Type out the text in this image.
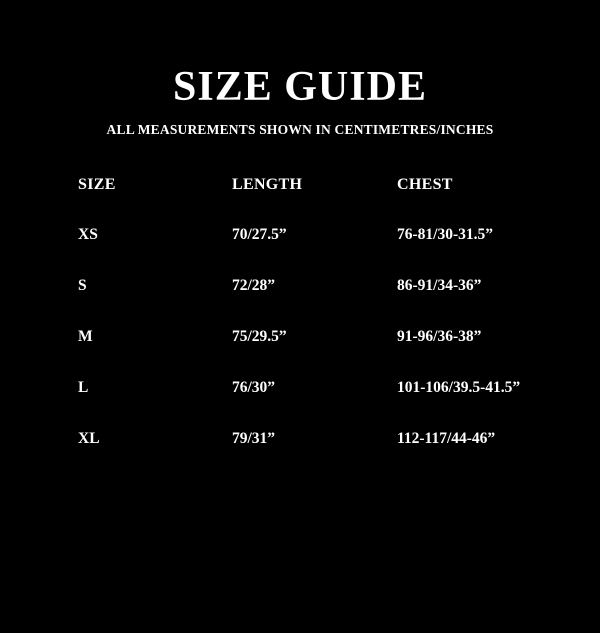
SIZE GUIDE
ALL MEASUREMENTS SHOWN IN CENTIMETRES/INCHES
SIZE	LENGTH	CHEST
XS	70/27.5”	76-81/30-31.5”
S	72/28”	86-91/34-36”
M	75/29.5”	91-96/36-38”
L	76/30”	101-106/39.5-41.5”
XL	79/31”	112-117/44-46”
